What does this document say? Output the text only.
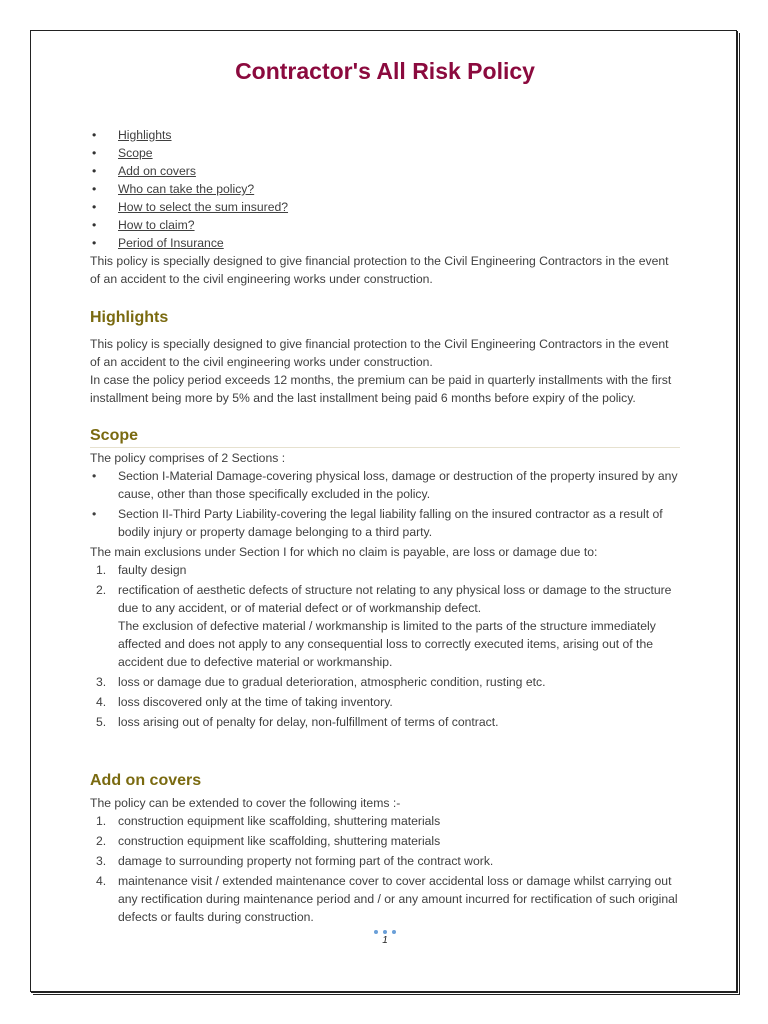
Contractor's All Risk Policy
• Highlights
• Scope
• Add on covers
• Who can take the policy?
• How to select the sum insured?
• How to claim?
• Period of Insurance

This policy is specially designed to give financial protection to the Civil Engineering Contractors in the event of an accident to the civil engineering works under construction.

Highlights

This policy is specially designed to give financial protection to the Civil Engineering Contractors in the event of an accident to the civil engineering works under construction.

In case the policy period exceeds 12 months, the premium can be paid in quarterly installments with the first installment being more by 5% and the last installment being paid 6 months before expiry of the policy.

Scope

The policy comprises of 2 Sections :

• Section I-Material Damage-covering physical loss, damage or destruction of the property insured by any cause, other than those specifically excluded in the policy.
• Section II-Third Party Liability-covering the legal liability falling on the insured contractor as a result of bodily injury or property damage belonging to a third party.

The main exclusions under Section I for which no claim is payable, are loss or damage due to:

1. faulty design
2. rectification of aesthetic defects of structure not relating to any physical loss or damage to the structure due to any accident, or of material defect or of workmanship defect.
The exclusion of defective material / workmanship is limited to the parts of the structure immediately affected and does not apply to any consequential loss to correctly executed items, arising out of the accident due to defective material or workmanship.
3. loss or damage due to gradual deterioration, atmospheric condition, rusting etc.
4. loss discovered only at the time of taking inventory.
5. loss arising out of penalty for delay, non-fulfillment of terms of contract.
Add on covers

The policy can be extended to cover the following items :-

1. construction equipment like scaffolding, shuttering materials
2. construction equipment like scaffolding, shuttering materials
3. damage to surrounding property not forming part of the contract work.
4. maintenance visit / extended maintenance cover to cover accidental loss or damage whilst carrying out any rectification during maintenance period and / or any amount incurred for rectification of such original defects or faults during construction.
1
